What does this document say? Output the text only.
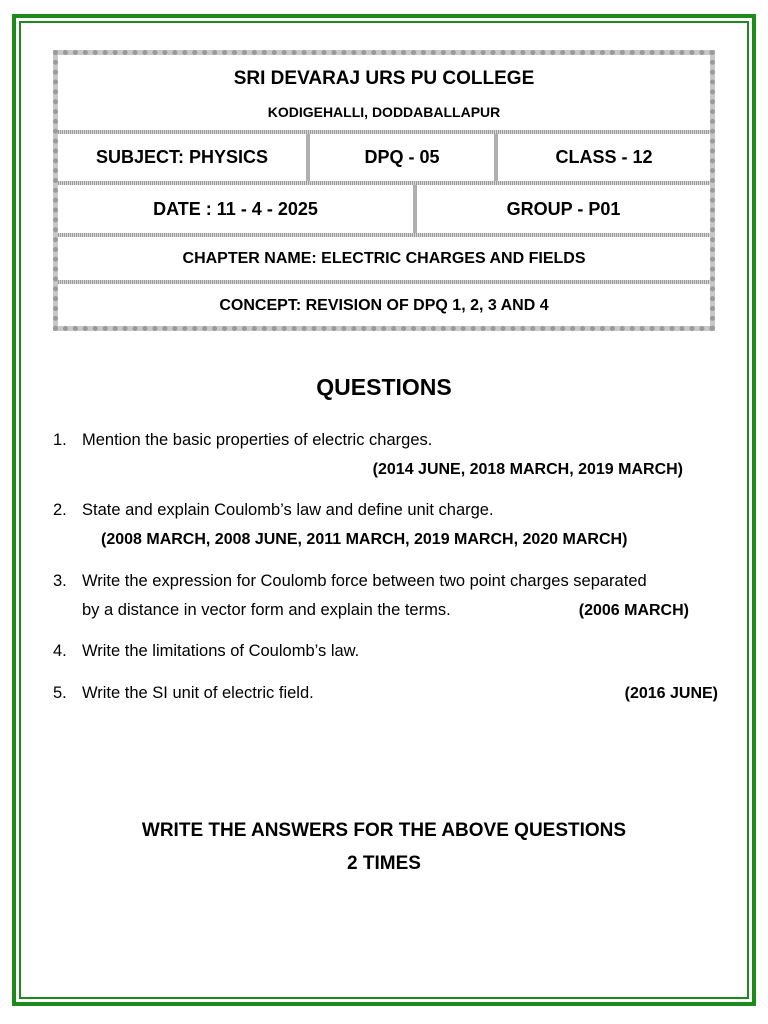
SRI DEVARAJ URS PU COLLEGE
KODIGEHALLI, DODDABALLAPUR
SUBJECT: PHYSICS	DPQ - 05	CLASS - 12
DATE : 11 - 4 - 2025	GROUP - P01
CHAPTER NAME: ELECTRIC CHARGES AND FIELDS
CONCEPT: REVISION OF DPQ 1, 2, 3 AND 4
QUESTIONS
1. Mention the basic properties of electric charges.
(2014 JUNE, 2018 MARCH, 2019 MARCH)
2. State and explain Coulomb’s law and define unit charge.
(2008 MARCH, 2008 JUNE, 2011 MARCH, 2019 MARCH, 2020 MARCH)
3. Write the expression for Coulomb force between two point charges separated
by a distance in vector form and explain the terms.	(2006 MARCH)
4. Write the limitations of Coulomb’s law.
5. Write the SI unit of electric field.	(2016 JUNE)
WRITE THE ANSWERS FOR THE ABOVE QUESTIONS
2 TIMES
